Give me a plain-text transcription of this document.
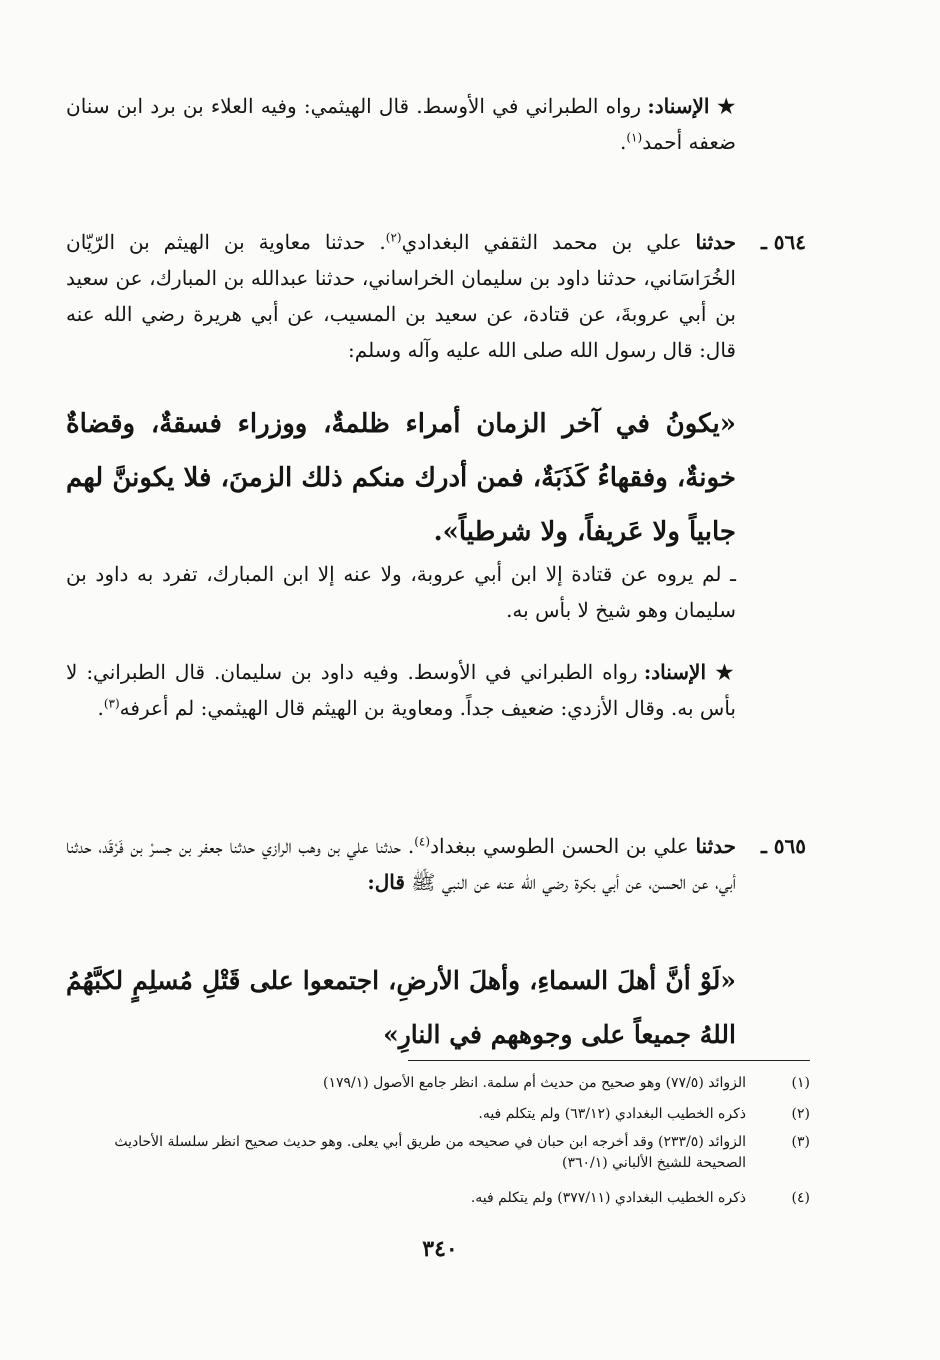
★ الإسناد: رواه الطبراني في الأوسط. قال الهيثمي: وفيه العلاء بن برد ابن سنان ضعفه أحمد$^{(١)}$.
٥٦٤ ـ
حدثنا علي بن محمد الثقفي البغدادي$^{(٢)}$. حدثنا معاوية بن الهيثم بن الرّيّان الخُرَاسَاني، حدثنا داود بن سليمان الخراساني، حدثنا عبدالله بن المبارك، عن سعيد بن أبي عروبةَ، عن قتادة، عن سعيد بن المسيب، عن أبي هريرة رضي الله عنه قال: قال رسول الله صلى الله عليه وآله وسلم:
«يكونُ في آخر الزمان أمراء ظلمةٌ، ووزراء فسقةٌ، وقضاةٌ خونةٌ، وفقهاءُ كَذَبَةٌ، فمن أدرك منكم ذلك الزمنَ، فلا يكوننَّ لهم جابياً ولا عَريفاً، ولا شرطياً».
ـ لم يروه عن قتادة إلا ابن أبي عروبة، ولا عنه إلا ابن المبارك، تفرد به داود بن سليمان وهو شيخ لا بأس به.
★ الإسناد: رواه الطبراني في الأوسط. وفيه داود بن سليمان. قال الطبراني: لا بأس به. وقال الأزدي: ضعيف جداً. ومعاوية بن الهيثم قال الهيثمي: لم أعرفه$^{(٣)}$.
٥٦٥ ـ
حدثنا علي بن الحسن الطوسي ببغداد$^{(٤)}$. حدثنا علي بن وهب الرازي حدثنا جعفر بن جسرْ بن فَرْقَد، حدثنا أبي، عن الحسن، عن أبي بكرة رضي الله عنه عن النبي ﷺ قال:
«لَوْ أنَّ أهلَ السماءِ، وأهلَ الأرضِ، اجتمعوا على قَتْلِ مُسلِمٍ لكبَّهُمُ اللهُ جميعاً على وجوههم في النارِ»
(١)
الزوائد (٧٧/٥) وهو صحيح من حديث أم سلمة. انظر جامع الأصول (١٧٩/١)
(٢)
ذكره الخطيب البغدادي (٦٣/١٢) ولم يتكلم فيه.
(٣)
الزوائد (٢٣٣/٥) وقد أخرجه ابن حبان في صحيحه من طريق أبي يعلى. وهو حديث صحيح انظر سلسلة الأحاديث الصحيحة للشيخ الألباني (٣٦٠/١)
(٤)
ذكره الخطيب البغدادي (٣٧٧/١١) ولم يتكلم فيه.
٣٤٠
